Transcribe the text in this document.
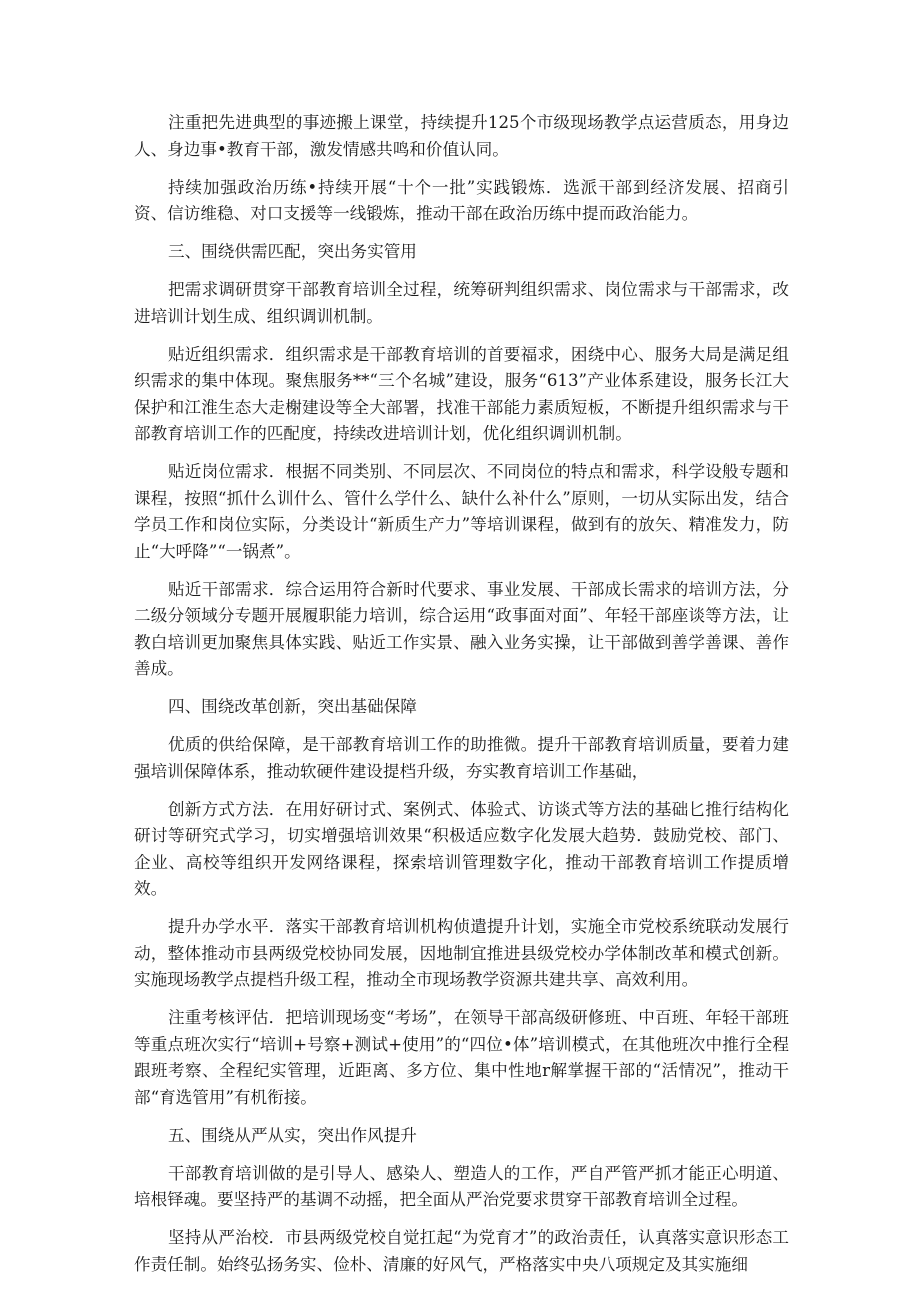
注重把先进典型的事迹搬上课堂，持续提升125个市级现场教学点运营质态，用身边人、身边事•教育干部，激发情感共鸣和价值认同。

持续加强政治历练•持续开展“十个一批”实践锻炼．选派干部到经济发展、招商引资、信访维稳、对口支援等一线锻炼，推动干部在政治历练中提而政治能力。

三、围绕供需匹配，突出务实管用

把需求调研贯穿干部教育培训全过程，统筹研判组织需求、岗位需求与干部需求，改进培训计划生成、组织调训机制。

贴近组织需求．组织需求是干部教育培训的首要福求，困绕中心、服务大局是满足组织需求的集中体现。聚焦服务**“三个名城”建设，服务“613”产业体系建设，服务长江大保护和江淮生态大走榭建设等全大部署，找准干部能力素质短板，不断提升组织需求与干部教育培训工作的匹配度，持续改进培训计划，优化组织调训机制。

贴近岗位需求．根据不同类别、不同层次、不同岗位的特点和需求，科学设般专题和课程，按照“抓什么训什么、管什么学什么、缺什么补什么”原则，一切从实际出发，结合学员工作和岗位实际，分类设计“新质生产力”等培训课程，做到有的放矢、精准发力，防止“大呼降”“一锅煮”。

贴近干部需求．综合运用符合新时代要求、事业发展、干部成长需求的培训方法，分二级分领域分专题开展履职能力培训，综合运用“政事面对面”、年轻干部座谈等方法，让教白培训更加聚焦具体实践、贴近工作实景、融入业务实操，让干部做到善学善课、善作善成。

四、围绕改革创新，突出基础保障

优质的供给保障，是干部教育培训工作的助推微。提升干部教育培训质量，要着力建强培训保障体系，推动软硬件建设提档升级，夯实教育培训工作基础，

创新方式方法．在用好研讨式、案例式、体验式、访谈式等方法的基础匕推行结构化研讨等研究式学习，切实增强培训效果“积极适应数字化发展大趋势．鼓励党校、部门、企业、高校等组织开发网络课程，探索培训管理数字化，推动干部教育培训工作提质增效。

提升办学水平．落实干部教育培训机构侦遣提升计划，实施全市党校系统联动发展行动，整体推动市县两级党校协同发展，因地制宜推进县级党校办学体制改革和模式创新。实施现场教学点提档升级工程，推动全市现场教学资源共建共享、高效利用。

注重考核评估．把培训现场变“考场”，在领导干部高级研修班、中百班、年轻干部班等重点班次实行“培训+号察+测试+使用”的“四位•体”培训模式，在其他班次中推行全程跟班考察、全程纪实管理，近距离、多方位、集中性地r解掌握干部的“活情况”，推动干部“育选管用”有机衔接。

五、围绕从严从实，突出作风提升

干部教育培训做的是引导人、感染人、塑造人的工作，严自严管严抓才能正心明道、培根铎魂。要坚持严的基调不动摇，把全面从严治党要求贯穿干部教育培训全过程。

坚持从严治校．市县两级党校自觉扛起“为党育才”的政治责任，认真落实意识形态工作责任制。始终弘扬务实、俭朴、清廉的好风气，严格落实中央八项规定及其实施细
